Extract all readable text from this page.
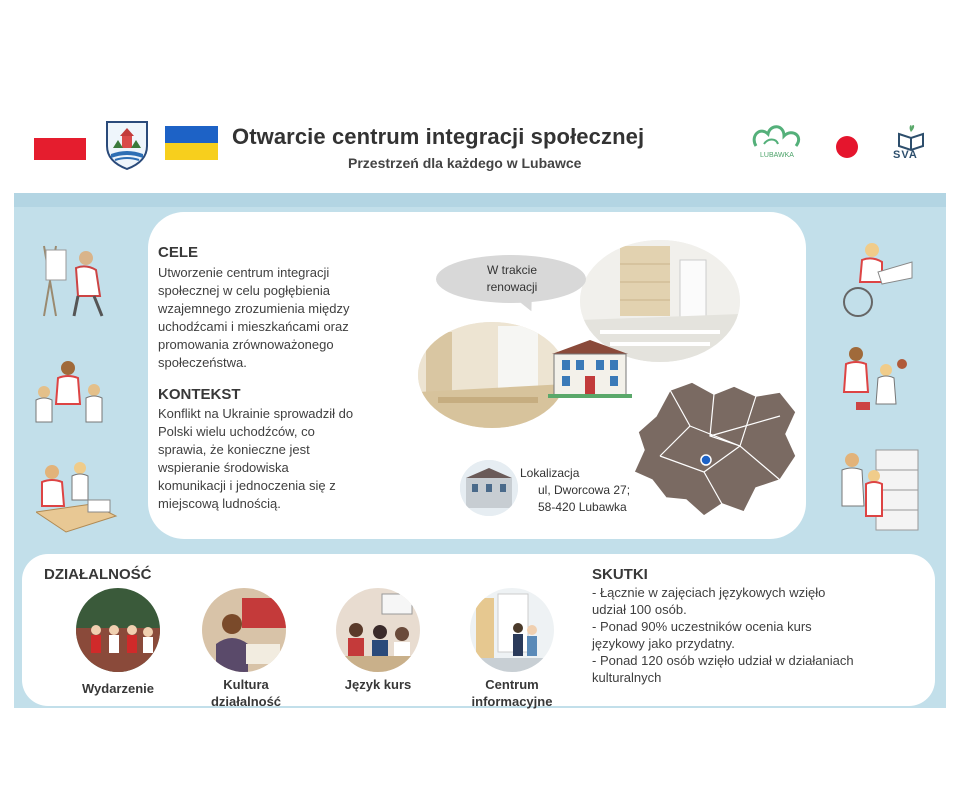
Otwarcie centrum integracji społecznej
Przestrzeń dla każdego w Lubawce	LUBAWKA	SVA
CELE
Utworzenie centrum integracji
społecznej w celu pogłębienia
wzajemnego zrozumienia między
uchodźcami i mieszkańcami oraz
promowania zrównoważonego
społeczeństwa.
KONTEKST
Konflikt na Ukrainie sprowadził do
Polski wielu uchodźców, co
sprawia, że konieczne jest
wspieranie środowiska
komunikacji i jednoczenia się z
miejscową ludnością.
W trakcie
renowacji
Lokalizacja
ul, Dworcowa 27;
58-420 Lubawka
DZIAŁALNOŚĆ
Wydarzenie	Kultura
działalność
Język kurs	Centrum
informacyjne
SKUTKI
- Łącznie w zajęciach językowych wzięło
udział 100 osób.
- Ponad 90% uczestników ocenia kurs
językowy jako przydatny.
- Ponad 120 osób wzięło udział w działaniach
kulturalnych
